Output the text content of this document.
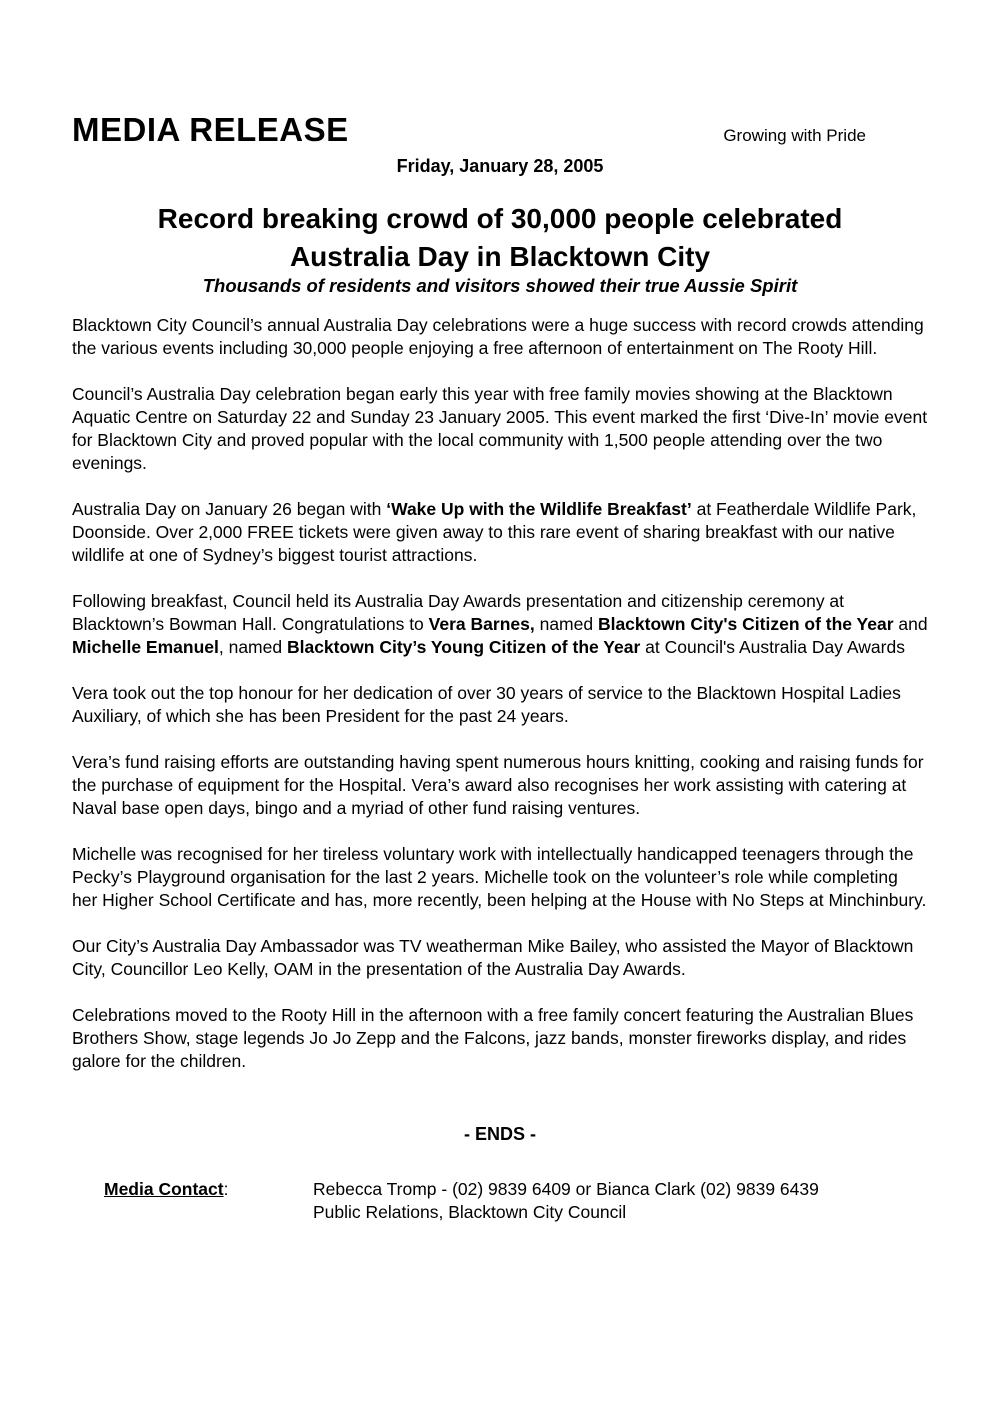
MEDIA RELEASE	Growing with Pride
Friday, January 28, 2005
Record breaking crowd of 30,000 people celebrated
Australia Day in Blacktown City
Thousands of residents and visitors showed their true Aussie Spirit

Blacktown City Council’s annual Australia Day celebrations were a huge success with record crowds attending the various events including 30,000 people enjoying a free afternoon of entertainment on The Rooty Hill.

Council’s Australia Day celebration began early this year with free family movies showing at the Blacktown Aquatic Centre on Saturday 22 and Sunday 23 January 2005. This event marked the first ‘Dive-In’ movie event for Blacktown City and proved popular with the local community with 1,500 people attending over the two evenings.

Australia Day on January 26 began with ‘Wake Up with the Wildlife Breakfast’ at Featherdale Wildlife Park, Doonside. Over 2,000 FREE tickets were given away to this rare event of sharing breakfast with our native wildlife at one of Sydney’s biggest tourist attractions.

Following breakfast, Council held its Australia Day Awards presentation and citizenship ceremony at Blacktown’s Bowman Hall. Congratulations to Vera Barnes, named Blacktown City's Citizen of the Year and Michelle Emanuel, named Blacktown City’s Young Citizen of the Year at Council's Australia Day Awards

Vera took out the top honour for her dedication of over 30 years of service to the Blacktown Hospital Ladies Auxiliary, of which she has been President for the past 24 years.

Vera’s fund raising efforts are outstanding having spent numerous hours knitting, cooking and raising funds for the purchase of equipment for the Hospital. Vera’s award also recognises her work assisting with catering at Naval base open days, bingo and a myriad of other fund raising ventures.

Michelle was recognised for her tireless voluntary work with intellectually handicapped teenagers through the Pecky’s Playground organisation for the last 2 years. Michelle took on the volunteer’s role while completing her Higher School Certificate and has, more recently, been helping at the House with No Steps at Minchinbury.

Our City’s Australia Day Ambassador was TV weatherman Mike Bailey, who assisted the Mayor of Blacktown City, Councillor Leo Kelly, OAM in the presentation of the Australia Day Awards.

Celebrations moved to the Rooty Hill in the afternoon with a free family concert featuring the Australian Blues Brothers Show, stage legends Jo Jo Zepp and the Falcons, jazz bands, monster fireworks display, and rides galore for the children.

- ENDS -
Media Contact:	Rebecca Tromp - (02) 9839 6409 or Bianca Clark (02) 9839 6439
Public Relations, Blacktown City Council
